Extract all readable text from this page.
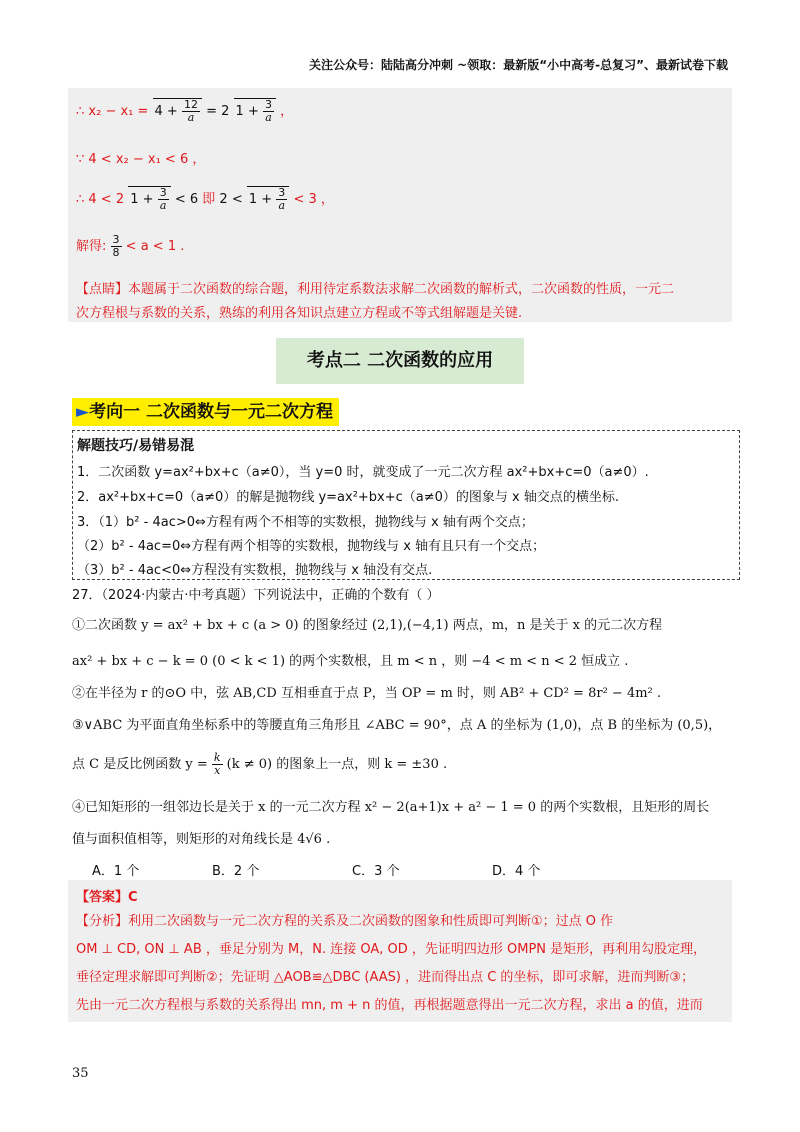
关注公众号：陆陆高分冲刺 ~领取：最新版“小中高考-总复习”、最新试卷下载
∴ $x_2 - x_1 = 4 + \frac{12}{a} = 2$ $1 + \frac{3}{a}$ ，
∵ 4 < x₂ − x₁ < 6 ，
∴ 4 < 2 $1 + \frac{3}{a} < 6$ 即 $2 < 1 + \frac{3}{a} < 3$ ，
解得: $\frac{3}{8} < a < 1$ .
【点睛】本题属于二次函数的综合题，利用待定系数法求解二次函数的解析式，二次函数的性质，一元二
次方程根与系数的关系，熟练的利用各知识点建立方程或不等式组解题是关键.
考点二 二次函数的应用
►考向一 二次函数与一元二次方程
解题技巧/易错易混
1．二次函数 y=ax²+bx+c（a≠0），当 y=0 时，就变成了一元二次方程 ax²+bx+c=0（a≠0）.
2．ax²+bx+c=0（a≠0）的解是抛物线 y=ax²+bx+c（a≠0）的图象与 x 轴交点的横坐标.
3．（1）b² - 4ac>0⇔方程有两个不相等的实数根，抛物线与 x 轴有两个交点；
（2）b² - 4ac=0⇔方程有两个相等的实数根，抛物线与 x 轴有且只有一个交点；
（3）b² - 4ac<0⇔方程没有实数根，抛物线与 x 轴没有交点.
27．（2024·内蒙古·中考真题）下列说法中，正确的个数有（ ）
①二次函数 y = ax² + bx + c (a > 0) 的图象经过 (2,1),(−4,1) 两点，m，n 是关于 x 的元二次方程
ax² + bx + c − k = 0 (0 < k < 1) 的两个实数根，且 m < n ，则 −4 < m < n < 2 恒成立 .
②在半径为 r 的⊙O 中，弦 AB,CD 互相垂直于点 P，当 OP = m 时，则 AB² + CD² = 8r² − 4m² .
③∨ABC 为平面直角坐标系中的等腰直角三角形且 ∠ABC = 90°，点 A 的坐标为 (1,0)，点 B 的坐标为 (0,5)，
点 C 是反比例函数 $y = \frac{k}{x} (k \ne 0)$ 的图象上一点，则 k = ±30 .
④已知矩形的一组邻边长是关于 x 的一元二次方程 x² − 2(a+1)x + a² − 1 = 0 的两个实数根，且矩形的周长
值与面积值相等，则矩形的对角线长是 4√6 .
A．1 个	B．2 个	C．3 个	D．4 个
【答案】C
【分析】利用二次函数与一元二次方程的关系及二次函数的图象和性质即可判断①；过点 O 作
OM ⊥ CD, ON ⊥ AB ，垂足分别为 M，N. 连接 OA, OD ，先证明四边形 OMPN 是矩形，再利用勾股定理，
垂径定理求解即可判断②；先证明 △AOB≌△DBC (AAS) ，进而得出点 C 的坐标，即可求解，进而判断③；
先由一元二次方程根与系数的关系得出 mn, m + n 的值，再根据题意得出一元二次方程，求出 a 的值，进而
35
